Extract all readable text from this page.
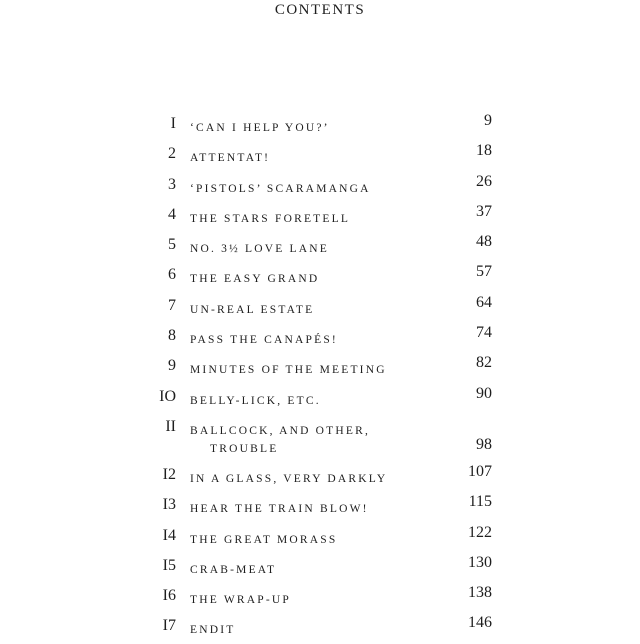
CONTENTS
I ‘CAN I HELP YOU?’	9
2 ATTENTAT!	18
3 ‘PISTOLS’ SCARAMANGA	26
4 THE STARS FORETELL	37
5 NO. 3½ LOVE LANE	48
6 THE EASY GRAND	57
7 UN-REAL ESTATE	64
8 PASS THE CANAPÉS!	74
9 MINUTES OF THE MEETING	82
IO BELLY-LICK, ETC.	90
II BALLCOCK, AND OTHER,
TROUBLE	98
I2 IN A GLASS, VERY DARKLY	107
I3 HEAR THE TRAIN BLOW!	115
I4 THE GREAT MORASS	122
I5 CRAB-MEAT	130
I6 THE WRAP-UP	138
I7 ENDIT	146
